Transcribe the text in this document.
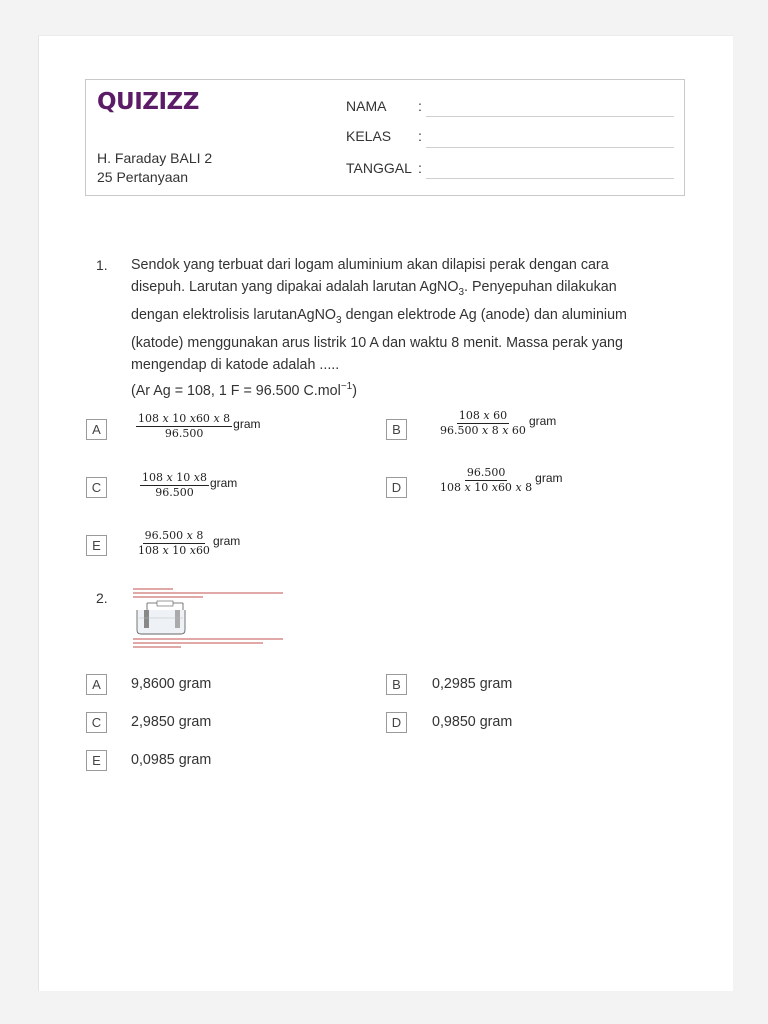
QUIZIZZ	NAMA :
KELAS :
TANGGAL :
H. Faraday BALI 2
25 Pertanyaan
1. Sendok yang terbuat dari logam aluminium akan dilapisi perak dengan cara
disepuh. Larutan yang dipakai adalah larutan AgNO$_3$. Penyepuhan dilakukan
dengan elektrolisis larutanAgNO$_3$ dengan elektrode Ag (anode) dan aluminium
(katode) menggunakan arus listrik 10 A dan waktu 8 menit. Massa perak yang
mengendap di katode adalah .....
(Ar Ag = 108, 1 F = 96.500 C.mol$^{-1}$)
A	$\frac{108 x 10 x60 x 8}{96.500}$ gram	B	$\frac{108 x 60}{96.500 x 8 x 60}$ gram
C	$\frac{108 x 10 x8}{96.500}$ gram	D	$\frac{96.500}{108 x 10 x60 x 8}$ gram
E	$\frac{96.500 x 8}{108 x 10 x60}$ gram
2.
A	9,8600 gram	B	0,2985 gram
C	2,9850 gram	D	0,9850 gram
E	0,0985 gram
